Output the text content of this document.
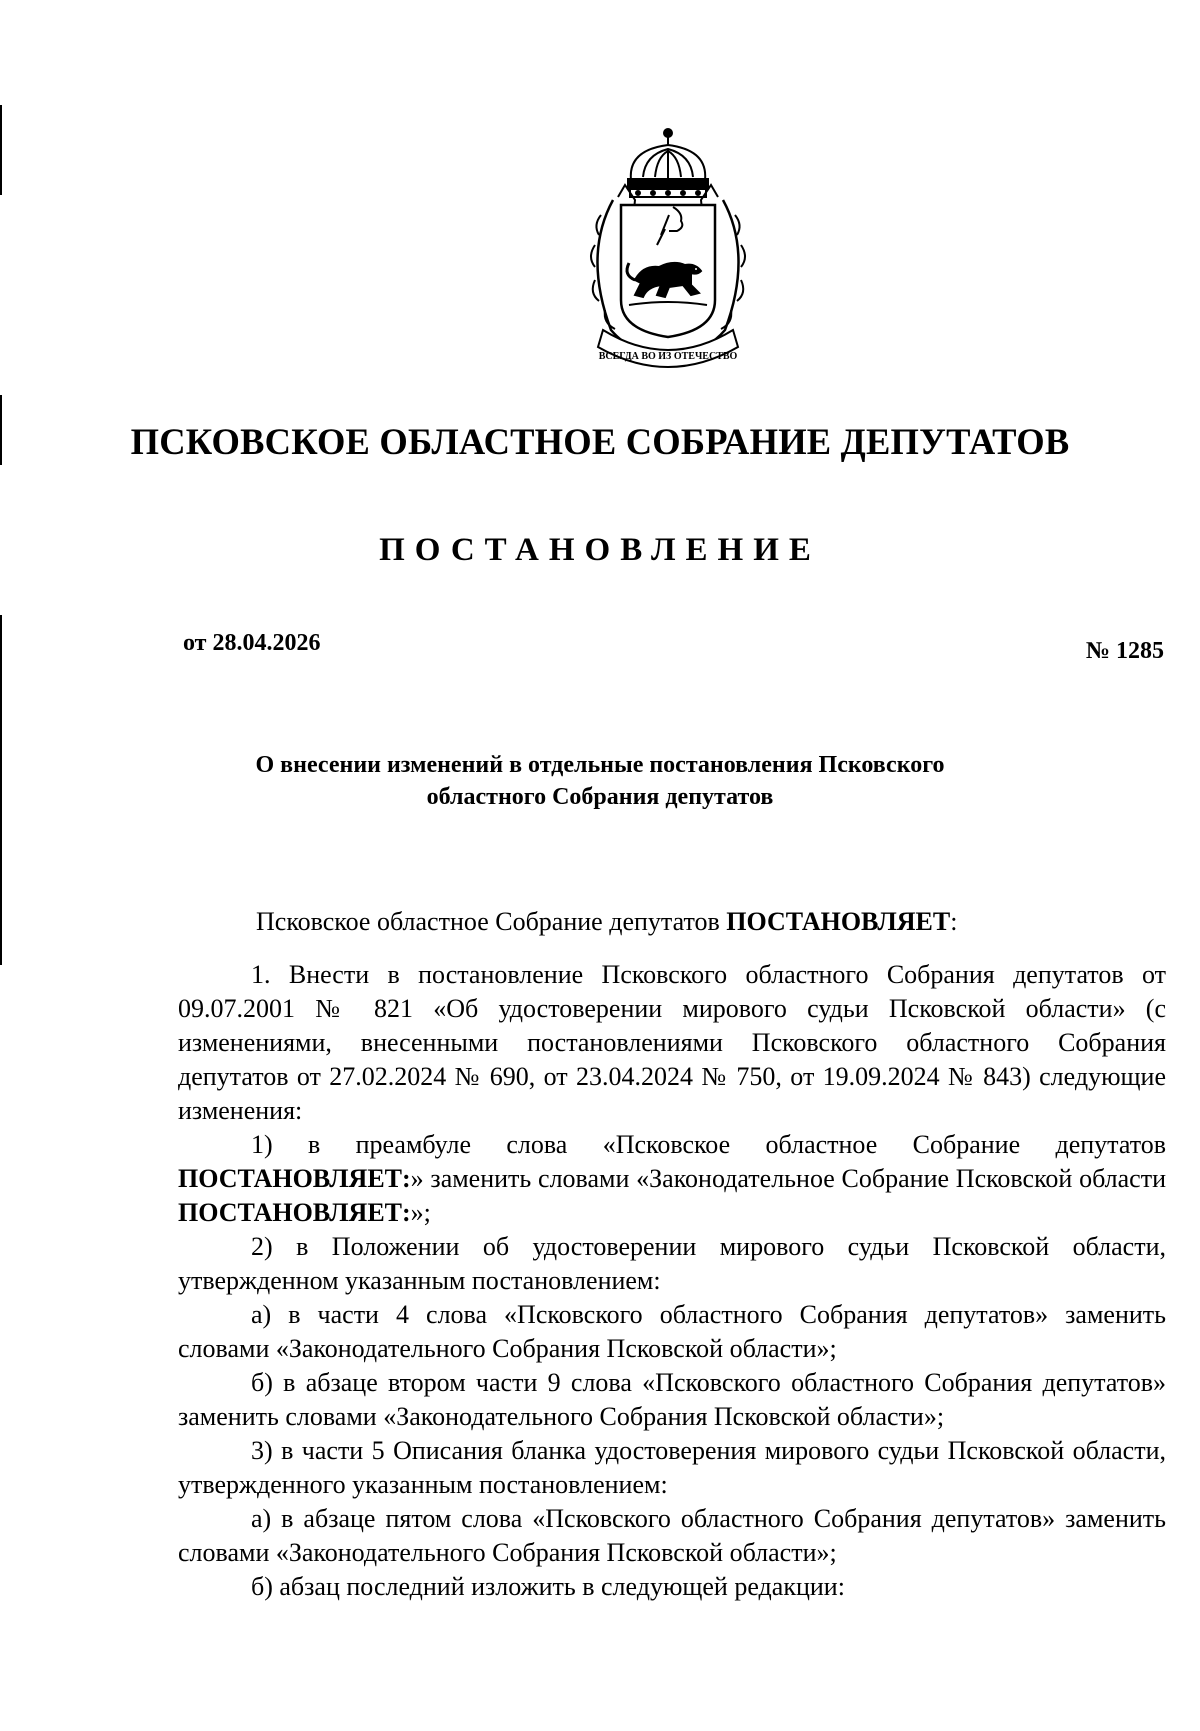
ВСЕГДА ВО ИЗ ОТЕЧЕСТВО
ПСКОВСКОЕ ОБЛАСТНОЕ СОБРАНИЕ ДЕПУТАТОВ
ПОСТАНОВЛЕНИЕ
от 28.04.2026	№ 1285
О внесении изменений в отдельные постановления Псковского
областного Собрания депутатов
Псковское областное Собрание депутатов ПОСТАНОВЛЯЕТ:

1. Внести в постановление Псковского областного Собрания депутатов от 09.07.2001 № 821 «Об удостоверении мирового судьи Псковской области» (с изменениями, внесенными постановлениями Псковского областного Собрания депутатов от 27.02.2024 № 690, от 23.04.2024 № 750, от 19.09.2024 № 843) следующие изменения:

1) в преамбуле слова «Псковское областное Собрание депутатов ПОСТАНОВЛЯЕТ:» заменить словами «Законодательное Собрание Псковской области ПОСТАНОВЛЯЕТ:»;

2) в Положении об удостоверении мирового судьи Псковской области, утвержденном указанным постановлением:

а) в части 4 слова «Псковского областного Собрания депутатов» заменить словами «Законодательного Собрания Псковской области»;

б) в абзаце втором части 9 слова «Псковского областного Собрания депутатов» заменить словами «Законодательного Собрания Псковской области»;

3) в части 5 Описания бланка удостоверения мирового судьи Псковской области, утвержденного указанным постановлением:

а) в абзаце пятом слова «Псковского областного Собрания депутатов» заменить словами «Законодательного Собрания Псковской области»;

б) абзац последний изложить в следующей редакции:
